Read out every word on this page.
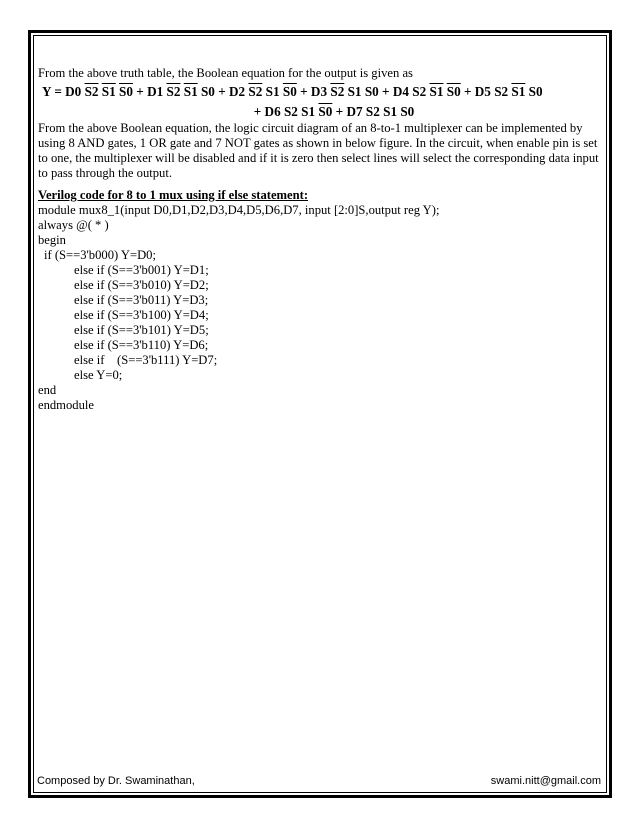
From the above truth table, the Boolean equation for the output is given as

Y = D0 S2 S1 S0 + D1 S2 S1 S0 + D2 S2 S1 S0 + D3 S2 S1 S0 + D4 S2 S1 S0 + D5 S2 S1 S0
+ D6 S2 S1 S0 + D7 S2 S1 S0

From the above Boolean equation, the logic circuit diagram of an 8-to-1 multiplexer can be implemented by using 8 AND gates, 1 OR gate and 7 NOT gates as shown in below figure. In the circuit, when enable pin is set to one, the multiplexer will be disabled and if it is zero then select lines will select the corresponding data input to pass through the output.

Verilog code for 8 to 1 mux using if else statement:
module mux8_1(input D0,D1,D2,D3,D4,D5,D6,D7, input [2:0]S,output reg Y);
always @( * )
begin
if (S==3'b000) Y=D0;
else if (S==3'b001) Y=D1;
else if (S==3'b010) Y=D2;
else if (S==3'b011) Y=D3;
else if (S==3'b100) Y=D4;
else if (S==3'b101) Y=D5;
else if (S==3'b110) Y=D6;
else if    (S==3'b111) Y=D7;
else Y=0;
end
endmodule
Composed by Dr. Swaminathan,	swami.nitt@gmail.com
